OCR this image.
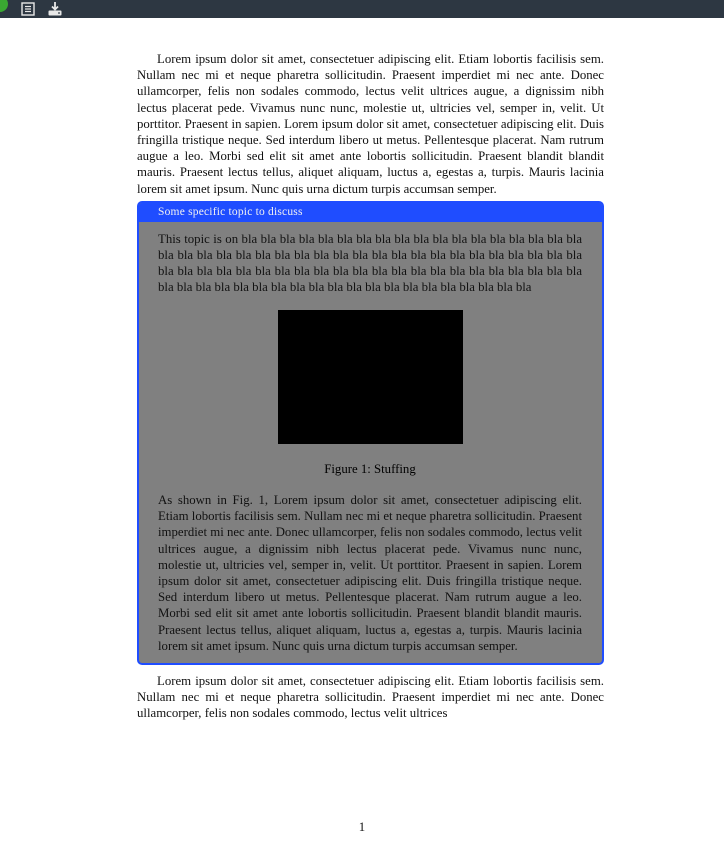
Lorem ipsum dolor sit amet, consectetuer adipiscing elit. Etiam lobortis facilisis sem. Nullam nec mi et neque pharetra sollicitudin. Praesent imperdiet mi nec ante. Donec ullamcorper, felis non sodales commodo, lectus velit ultrices augue, a dignissim nibh lectus placerat pede. Vivamus nunc nunc, molestie ut, ultricies vel, semper in, velit. Ut porttitor. Praesent in sapien. Lorem ipsum dolor sit amet, consectetuer adipiscing elit. Duis fringilla tristique neque. Sed interdum libero ut metus. Pellentesque placerat. Nam rutrum augue a leo. Morbi sed elit sit amet ante lobortis sollicitudin. Praesent blandit blandit mauris. Praesent lectus tellus, aliquet aliquam, luctus a, egestas a, turpis. Mauris lacinia lorem sit amet ipsum. Nunc quis urna dictum turpis accumsan semper.

Some specific topic to discuss

This topic is on bla bla bla bla bla bla bla bla bla bla bla bla bla bla bla bla bla bla bla bla bla bla bla bla bla bla bla bla bla bla bla bla bla bla bla bla bla bla bla bla bla bla bla bla bla bla bla bla bla bla bla bla bla bla bla bla bla bla bla bla bla bla bla bla bla bla bla bla bla bla bla bla bla bla bla bla bla bla bla bla bla bla

Figure 1: Stuffing

As shown in Fig. 1, Lorem ipsum dolor sit amet, consectetuer adipiscing elit. Etiam lobortis facilisis sem. Nullam nec mi et neque pharetra sollicitudin. Praesent imperdiet mi nec ante. Donec ullamcorper, felis non sodales commodo, lectus velit ultrices augue, a dignissim nibh lectus placerat pede. Vivamus nunc nunc, molestie ut, ultricies vel, semper in, velit. Ut porttitor. Praesent in sapien. Lorem ipsum dolor sit amet, consectetuer adipiscing elit. Duis fringilla tristique neque. Sed interdum libero ut metus. Pellentesque placerat. Nam rutrum augue a leo. Morbi sed elit sit amet ante lobortis sollicitudin. Praesent blandit blandit mauris. Praesent lectus tellus, aliquet aliquam, luctus a, egestas a, turpis. Mauris lacinia lorem sit amet ipsum. Nunc quis urna dictum turpis accumsan semper.

Lorem ipsum dolor sit amet, consectetuer adipiscing elit. Etiam lobortis facilisis sem. Nullam nec mi et neque pharetra sollicitudin. Praesent imperdiet mi nec ante. Donec ullamcorper, felis non sodales commodo, lectus velit ultrices

1
